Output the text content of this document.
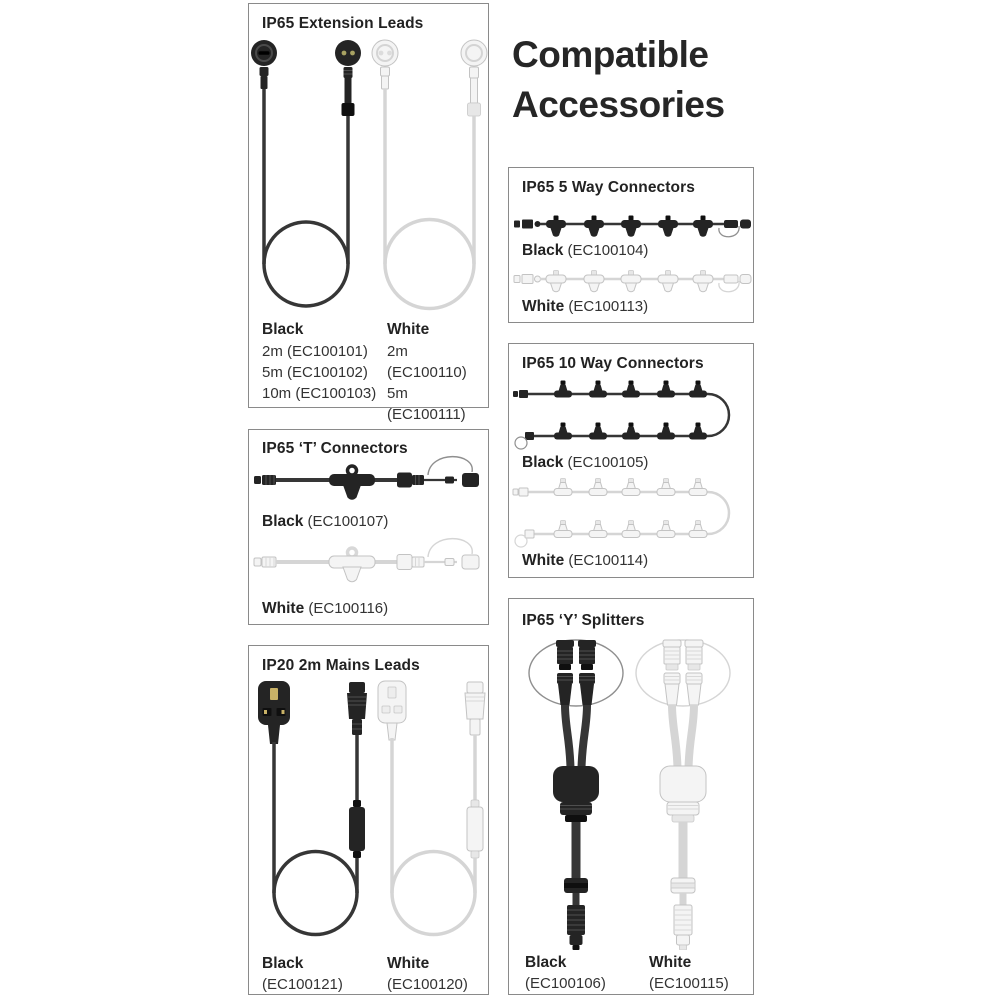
Compatible
Accessories
IP65 Extension Leads
Black
2m (EC100101)
5m (EC100102)
10m (EC100103)
White
2m (EC100110)
5m (EC100111)
IP65 ‘T’ Connectors
Black (EC100107)
White (EC100116)
IP20 2m Mains Leads
Black
(EC100121)
White
(EC100120)
IP65 5 Way Connectors
Black (EC100104)
White (EC100113)
IP65 10 Way Connectors
Black (EC100105)
White (EC100114)
IP65 ‘Y’ Splitters
Black
(EC100106)
White
(EC100115)
